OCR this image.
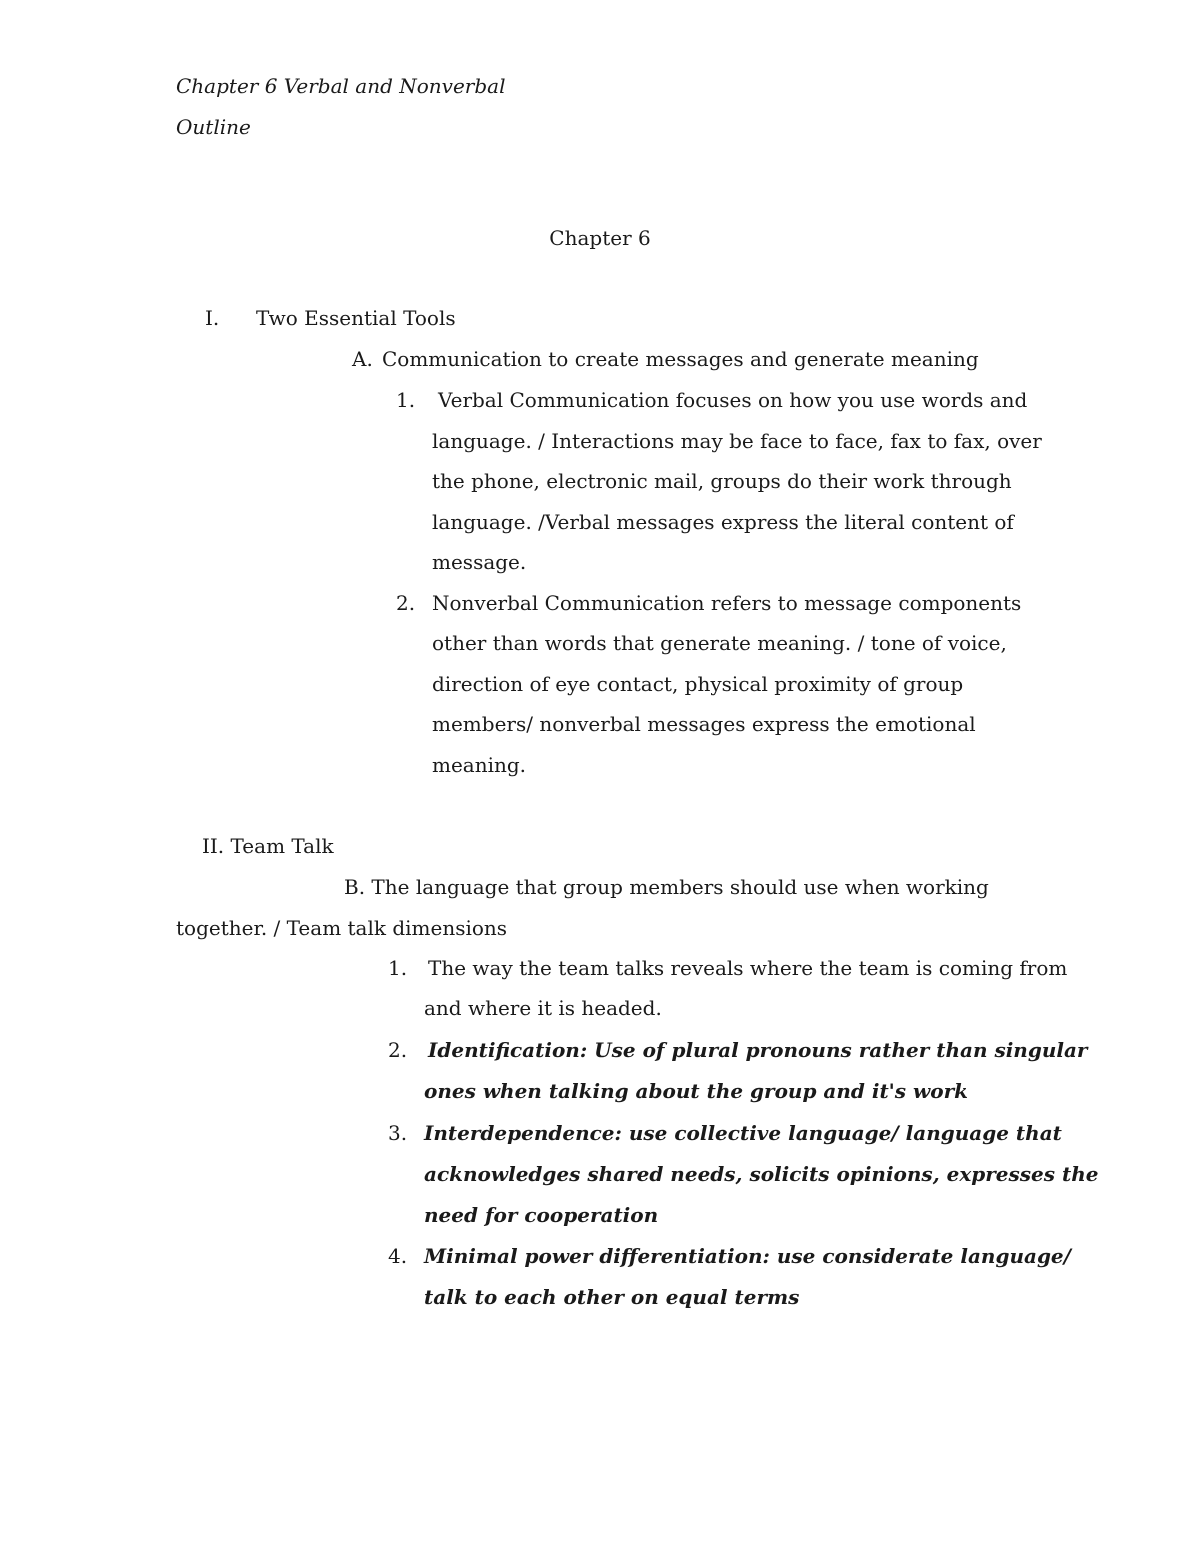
Chapter 6 Verbal and Nonverbal

Outline

Chapter 6

I. Two Essential Tools

A. Communication to create messages and generate meaning

1. Verbal Communication focuses on how you use words and

language. / Interactions may be face to face, fax to fax, over

the phone, electronic mail, groups do their work through

language. /Verbal messages express the literal content of

message.

2. Nonverbal Communication refers to message components

other than words that generate meaning. / tone of voice,

direction of eye contact, physical proximity of group

members/ nonverbal messages express the emotional

meaning.

II. Team Talk

B. The language that group members should use when working

together. / Team talk dimensions

1. The way the team talks reveals where the team is coming from

and where it is headed.

2. Identification: Use of plural pronouns rather than singular

ones when talking about the group and it's work

3. Interdependence: use collective language/ language that

acknowledges shared needs, solicits opinions, expresses the

need for cooperation

4. Minimal power differentiation: use considerate language/

talk to each other on equal terms
